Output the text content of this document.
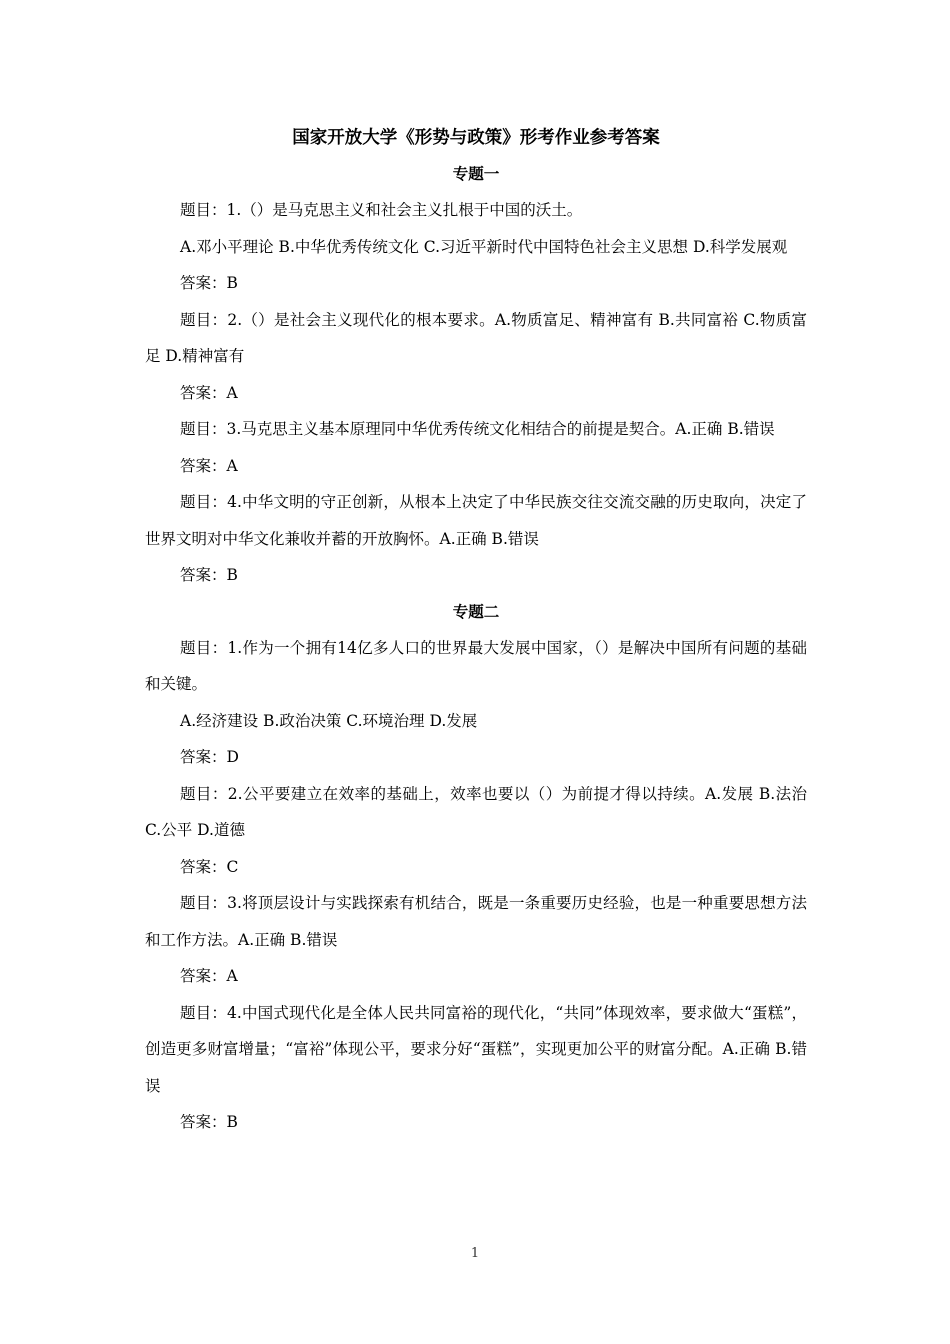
国家开放大学《形势与政策》形考作业参考答案
专题一

题目：1.（）是马克思主义和社会主义扎根于中国的沃土。

A.邓小平理论 B.中华优秀传统文化 C.习近平新时代中国特色社会主义思想 D.科学发展观

答案：B

题目：2.（）是社会主义现代化的根本要求。A.物质富足、精神富有 B.共同富裕 C.物质富足 D.精神富有

答案：A

题目：3.马克思主义基本原理同中华优秀传统文化相结合的前提是契合。A.正确 B.错误

答案：A

题目：4.中华文明的守正创新，从根本上决定了中华民族交往交流交融的历史取向，决定了世界文明对中华文化兼收并蓄的开放胸怀。A.正确 B.错误

答案：B

专题二

题目：1.作为一个拥有14亿多人口的世界最大发展中国家，（）是解决中国所有问题的基础和关键。

A.经济建设 B.政治决策 C.环境治理 D.发展

答案：D

题目：2.公平要建立在效率的基础上，效率也要以（）为前提才得以持续。A.发展 B.法治 C.公平 D.道德

答案：C

题目：3.将顶层设计与实践探索有机结合，既是一条重要历史经验，也是一种重要思想方法和工作方法。A.正确 B.错误

答案：A

题目：4.中国式现代化是全体人民共同富裕的现代化，“共同”体现效率，要求做大“蛋糕”，创造更多财富增量；“富裕”体现公平，要求分好“蛋糕”，实现更加公平的财富分配。A.正确 B.错误

答案：B

1
